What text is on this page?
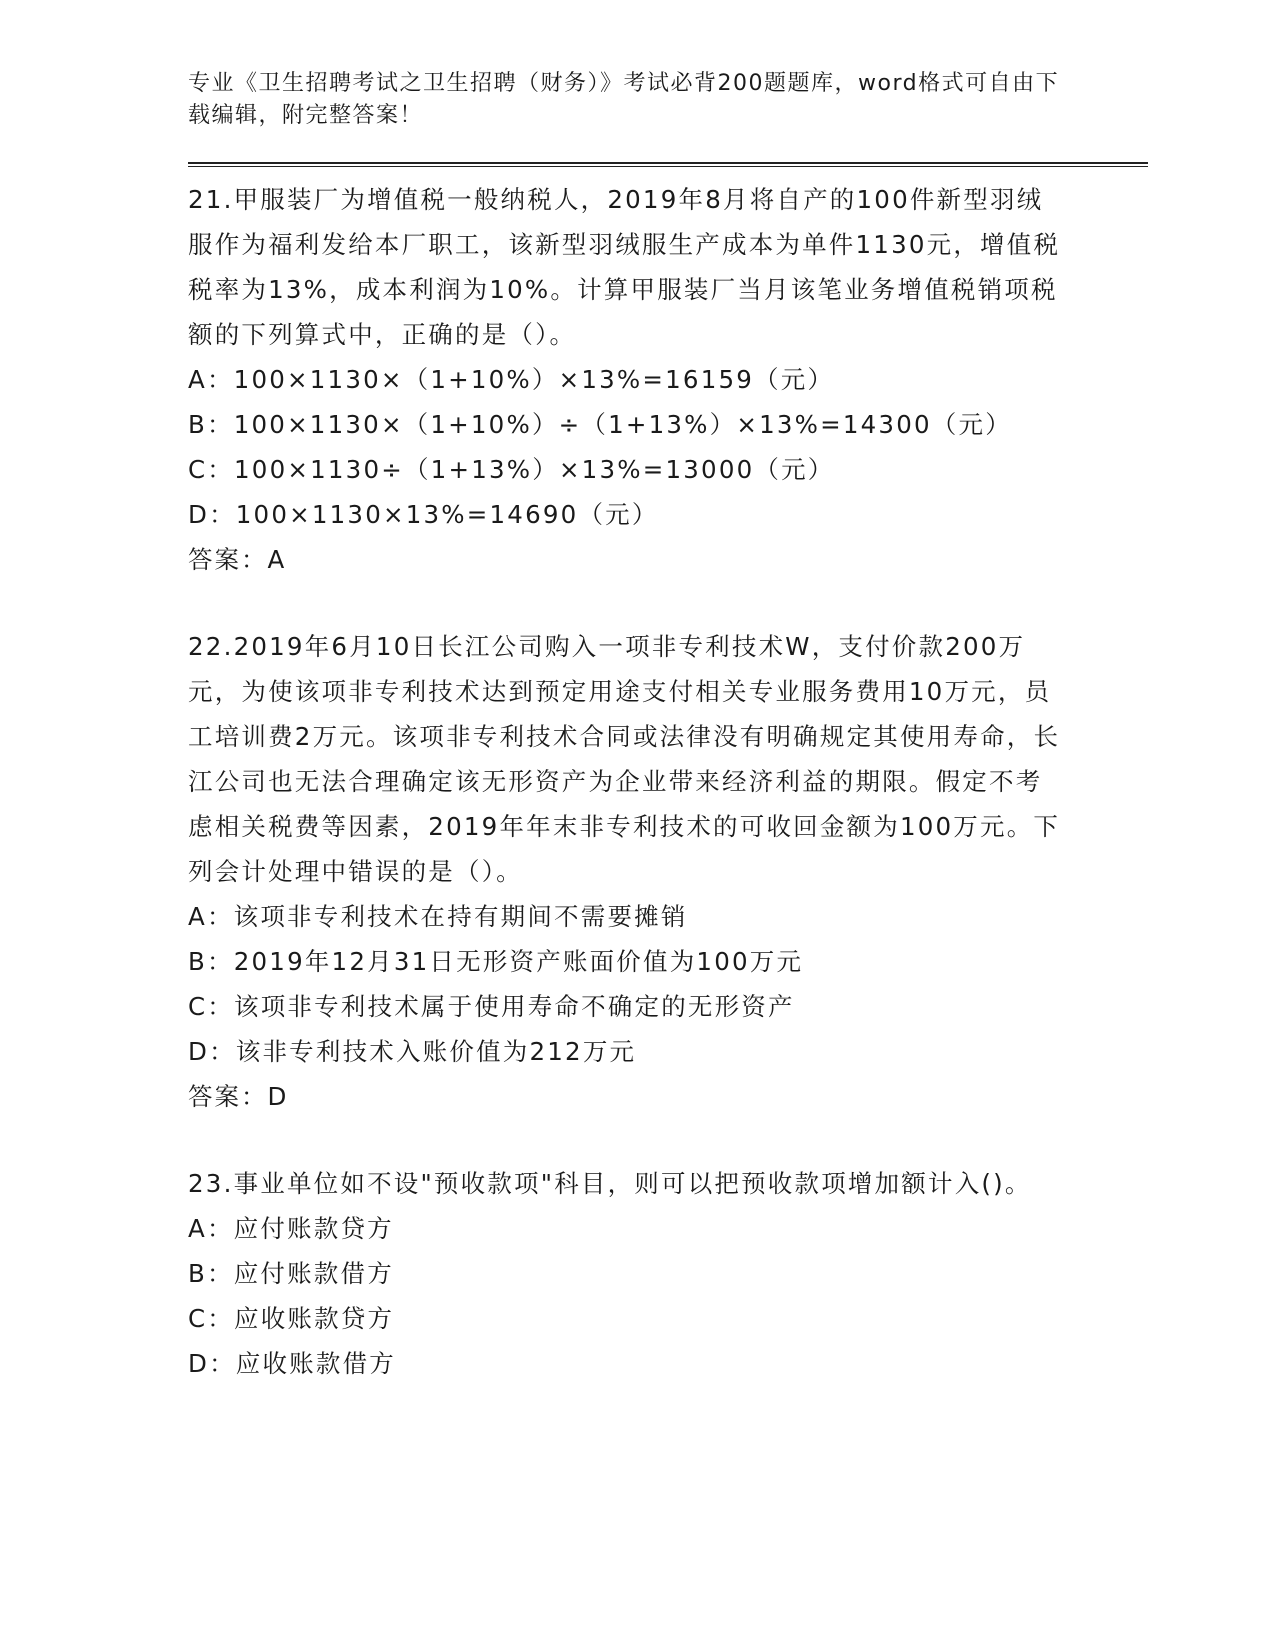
专业《卫生招聘考试之卫生招聘（财务）》考试必背200题题库，word格式可自由下载编辑，附完整答案！
21.甲服装厂为增值税一般纳税人，2019年8月将自产的100件新型羽绒服作为福利发给本厂职工，该新型羽绒服生产成本为单件1130元，增值税税率为13%，成本利润为10%。计算甲服装厂当月该笔业务增值税销项税额的下列算式中，正确的是（）。
A：100×1130×（1+10%）×13%=16159（元）
B：100×1130×（1+10%）÷（1+13%）×13%=14300（元）
C：100×1130÷（1+13%）×13%=13000（元）
D：100×1130×13%=14690（元）
答案：A
22.2019年6月10日长江公司购入一项非专利技术W，支付价款200万元，为使该项非专利技术达到预定用途支付相关专业服务费用10万元，员工培训费2万元。该项非专利技术合同或法律没有明确规定其使用寿命，长江公司也无法合理确定该无形资产为企业带来经济利益的期限。假定不考虑相关税费等因素，2019年年末非专利技术的可收回金额为100万元。下列会计处理中错误的是（）。
A：该项非专利技术在持有期间不需要摊销
B：2019年12月31日无形资产账面价值为100万元
C：该项非专利技术属于使用寿命不确定的无形资产
D：该非专利技术入账价值为212万元
答案：D
23.事业单位如不设"预收款项"科目，则可以把预收款项增加额计入()。
A：应付账款贷方
B：应付账款借方
C：应收账款贷方
D：应收账款借方
